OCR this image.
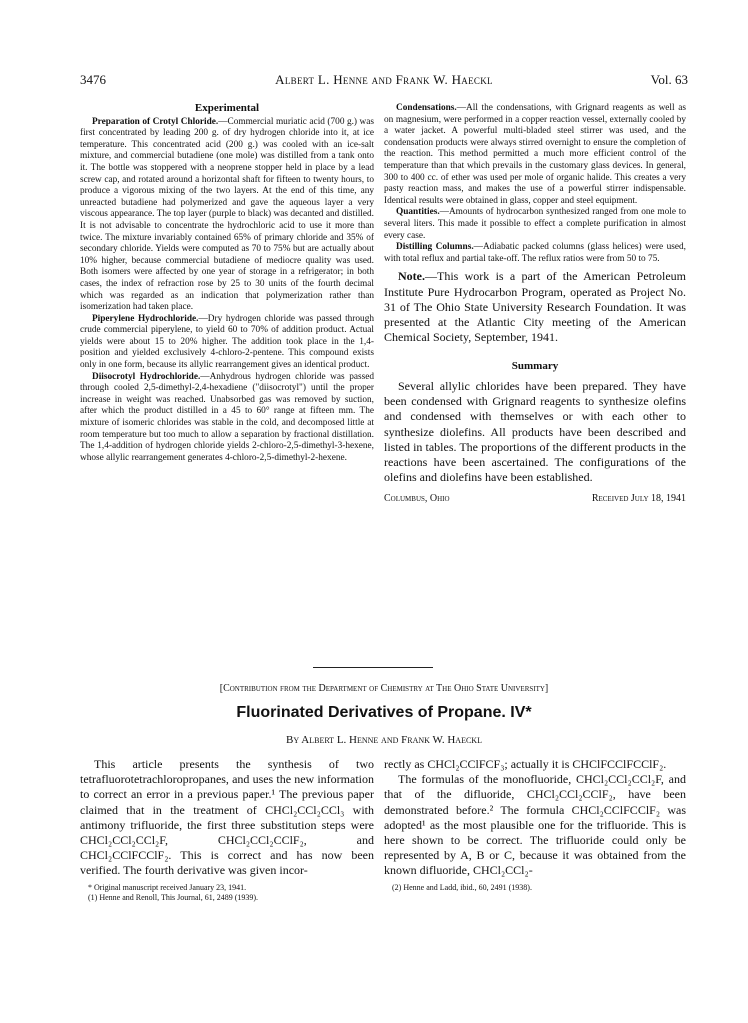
3476	Albert L. Henne and Frank W. Haeckl	Vol. 63
Experimental

Preparation of Crotyl Chloride.—Commercial muriatic acid (700 g.) was first concentrated by leading 200 g. of dry hydrogen chloride into it, at ice temperature. This concentrated acid (200 g.) was cooled with an ice-salt mixture, and commercial butadiene (one mole) was distilled from a tank onto it. The bottle was stoppered with a neoprene stopper held in place by a lead screw cap, and rotated around a horizontal shaft for fifteen to twenty hours, to produce a vigorous mixing of the two layers. At the end of this time, any unreacted butadiene had polymerized and gave the aqueous layer a very viscous appearance. The top layer (purple to black) was decanted and distilled. It is not advisable to concentrate the hydrochloric acid to use it more than twice. The mixture invariably contained 65% of primary chloride and 35% of secondary chloride. Yields were computed as 70 to 75% but are actually about 10% higher, because commercial butadiene of mediocre quality was used. Both isomers were affected by one year of storage in a refrigerator; in both cases, the index of refraction rose by 25 to 30 units of the fourth decimal which was regarded as an indication that polymerization rather than isomerization had taken place.

Piperylene Hydrochloride.—Dry hydrogen chloride was passed through crude commercial piperylene, to yield 60 to 70% of addition product. Actual yields were about 15 to 20% higher. The addition took place in the 1,4-position and yielded exclusively 4-chloro-2-pentene. This compound exists only in one form, because its allylic rearrangement gives an identical product.

Diisocrotyl Hydrochloride.—Anhydrous hydrogen chloride was passed through cooled 2,5-dimethyl-2,4-hexadiene ("diisocrotyl") until the proper increase in weight was reached. Unabsorbed gas was removed by suction, after which the product distilled in a 45 to 60° range at fifteen mm. The mixture of isomeric chlorides was stable in the cold, and decomposed little at room temperature but too much to allow a separation by fractional distillation. The 1,4-addition of hydrogen chloride yields 2-chloro-2,5-dimethyl-3-hexene, whose allylic rearrangement generates 4-chloro-2,5-dimethyl-2-hexene.

Condensations.—All the condensations, with Grignard reagents as well as on magnesium, were performed in a copper reaction vessel, externally cooled by a water jacket. A powerful multi-bladed steel stirrer was used, and the condensation products were always stirred overnight to ensure the completion of the reaction. This method permitted a much more efficient control of the temperature than that which prevails in the customary glass devices. In general, 300 to 400 cc. of ether was used per mole of organic halide. This creates a very pasty reaction mass, and makes the use of a powerful stirrer indispensable. Identical results were obtained in glass, copper and steel equipment.

Quantities.—Amounts of hydrocarbon synthesized ranged from one mole to several liters. This made it possible to effect a complete purification in almost every case.

Distilling Columns.—Adiabatic packed columns (glass helices) were used, with total reflux and partial take-off. The reflux ratios were from 50 to 75.

Note.—This work is a part of the American Petroleum Institute Pure Hydrocarbon Program, operated as Project No. 31 of The Ohio State University Research Foundation. It was presented at the Atlantic City meeting of the American Chemical Society, September, 1941.

Summary

Several allylic chlorides have been prepared. They have been condensed with Grignard reagents to synthesize olefins and condensed with themselves or with each other to synthesize diolefins. All products have been described and listed in tables. The proportions of the different products in the reactions have been ascertained. The configurations of the olefins and diolefins have been established.

Columbus, Ohio	Received July 18, 1941
[Contribution from the Department of Chemistry at The Ohio State University]
Fluorinated Derivatives of Propane. IV*
By Albert L. Henne and Frank W. Haeckl

This article presents the synthesis of two tetrafluorotetrachloropropanes, and uses the new information to correct an error in a previous paper.¹ The previous paper claimed that in the treatment of CHCl₂CCl₂CCl₃ with antimony trifluoride, the first three substitution steps were CHCl₂CCl₂CCl₂F, CHCl₂CCl₂CClF₂, and CHCl₂CClFCClF₂. This is correct and has now been verified. The fourth derivative was given incor-

* Original manuscript received January 23, 1941.
(1) Henne and Renoll, This Journal, 61, 2489 (1939).

rectly as CHCl₂CClFCF₃; actually it is CHClFCClFCClF₂.

The formulas of the monofluoride, CHCl₂CCl₂CCl₂F, and that of the difluoride, CHCl₂CCl₂CClF₂, have been demonstrated before.² The formula CHCl₂CClFCClF₂ was adopted¹ as the most plausible one for the trifluoride. This is here shown to be correct. The trifluoride could only be represented by A, B or C, because it was obtained from the known difluoride, CHCl₂CCl₂-

(2) Henne and Ladd, ibid., 60, 2491 (1938).
